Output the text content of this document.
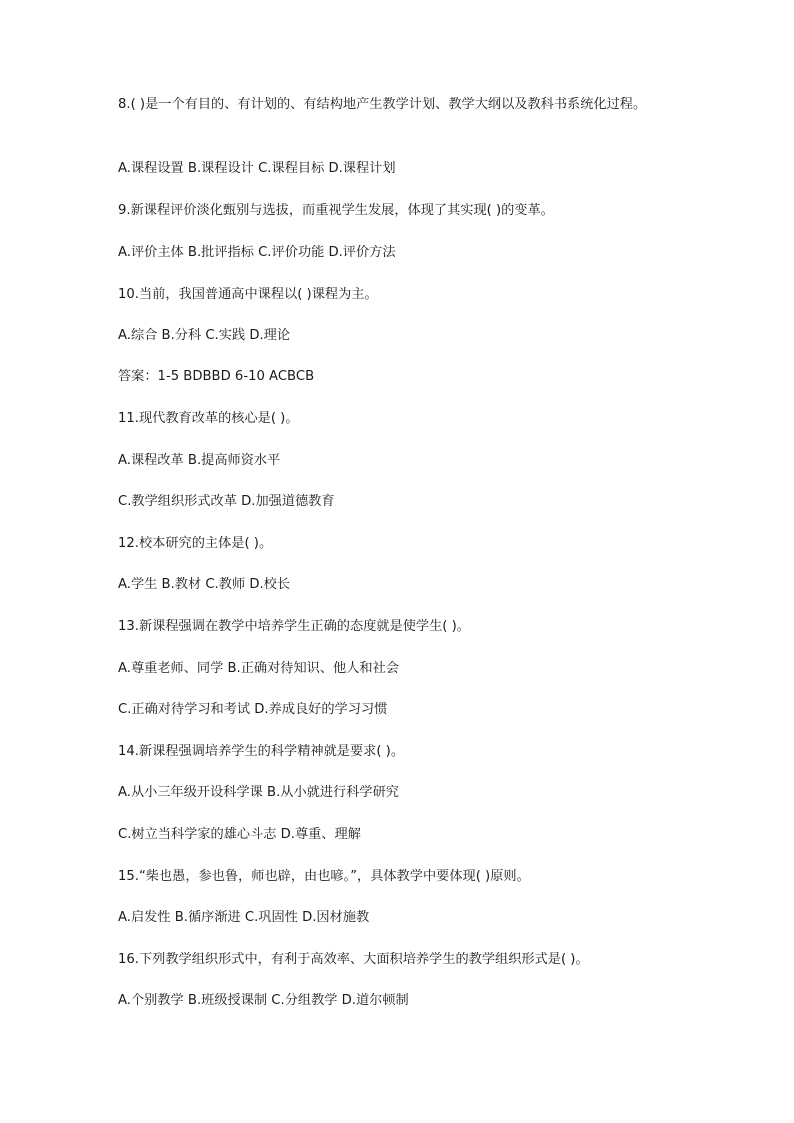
8.( )是一个有目的、有计划的、有结构地产生教学计划、教学大纲以及教科书系统化过程。
A.课程设置 B.课程设计 C.课程目标 D.课程计划
9.新课程评价淡化甄别与选拔，而重视学生发展，体现了其实现( )的变革。
A.评价主体 B.批评指标 C.评价功能 D.评价方法
10.当前，我国普通高中课程以( )课程为主。
A.综合 B.分科 C.实践 D.理论
答案：1-5 BDBBD 6-10 ACBCB
11.现代教育改革的核心是( )。
A.课程改革 B.提高师资水平
C.教学组织形式改革 D.加强道德教育
12.校本研究的主体是( )。
A.学生 B.教材 C.教师 D.校长
13.新课程强调在教学中培养学生正确的态度就是使学生( )。
A.尊重老师、同学 B.正确对待知识、他人和社会
C.正确对待学习和考试 D.养成良好的学习习惯
14.新课程强调培养学生的科学精神就是要求( )。
A.从小三年级开设科学课 B.从小就进行科学研究
C.树立当科学家的雄心斗志 D.尊重、理解
15.“柴也愚，参也鲁，师也辟，由也喭。”，具体教学中要体现( )原则。
A.启发性 B.循序渐进 C.巩固性 D.因材施教
16.下列教学组织形式中，有利于高效率、大面积培养学生的教学组织形式是( )。
A.个别教学 B.班级授课制 C.分组教学 D.道尔顿制
